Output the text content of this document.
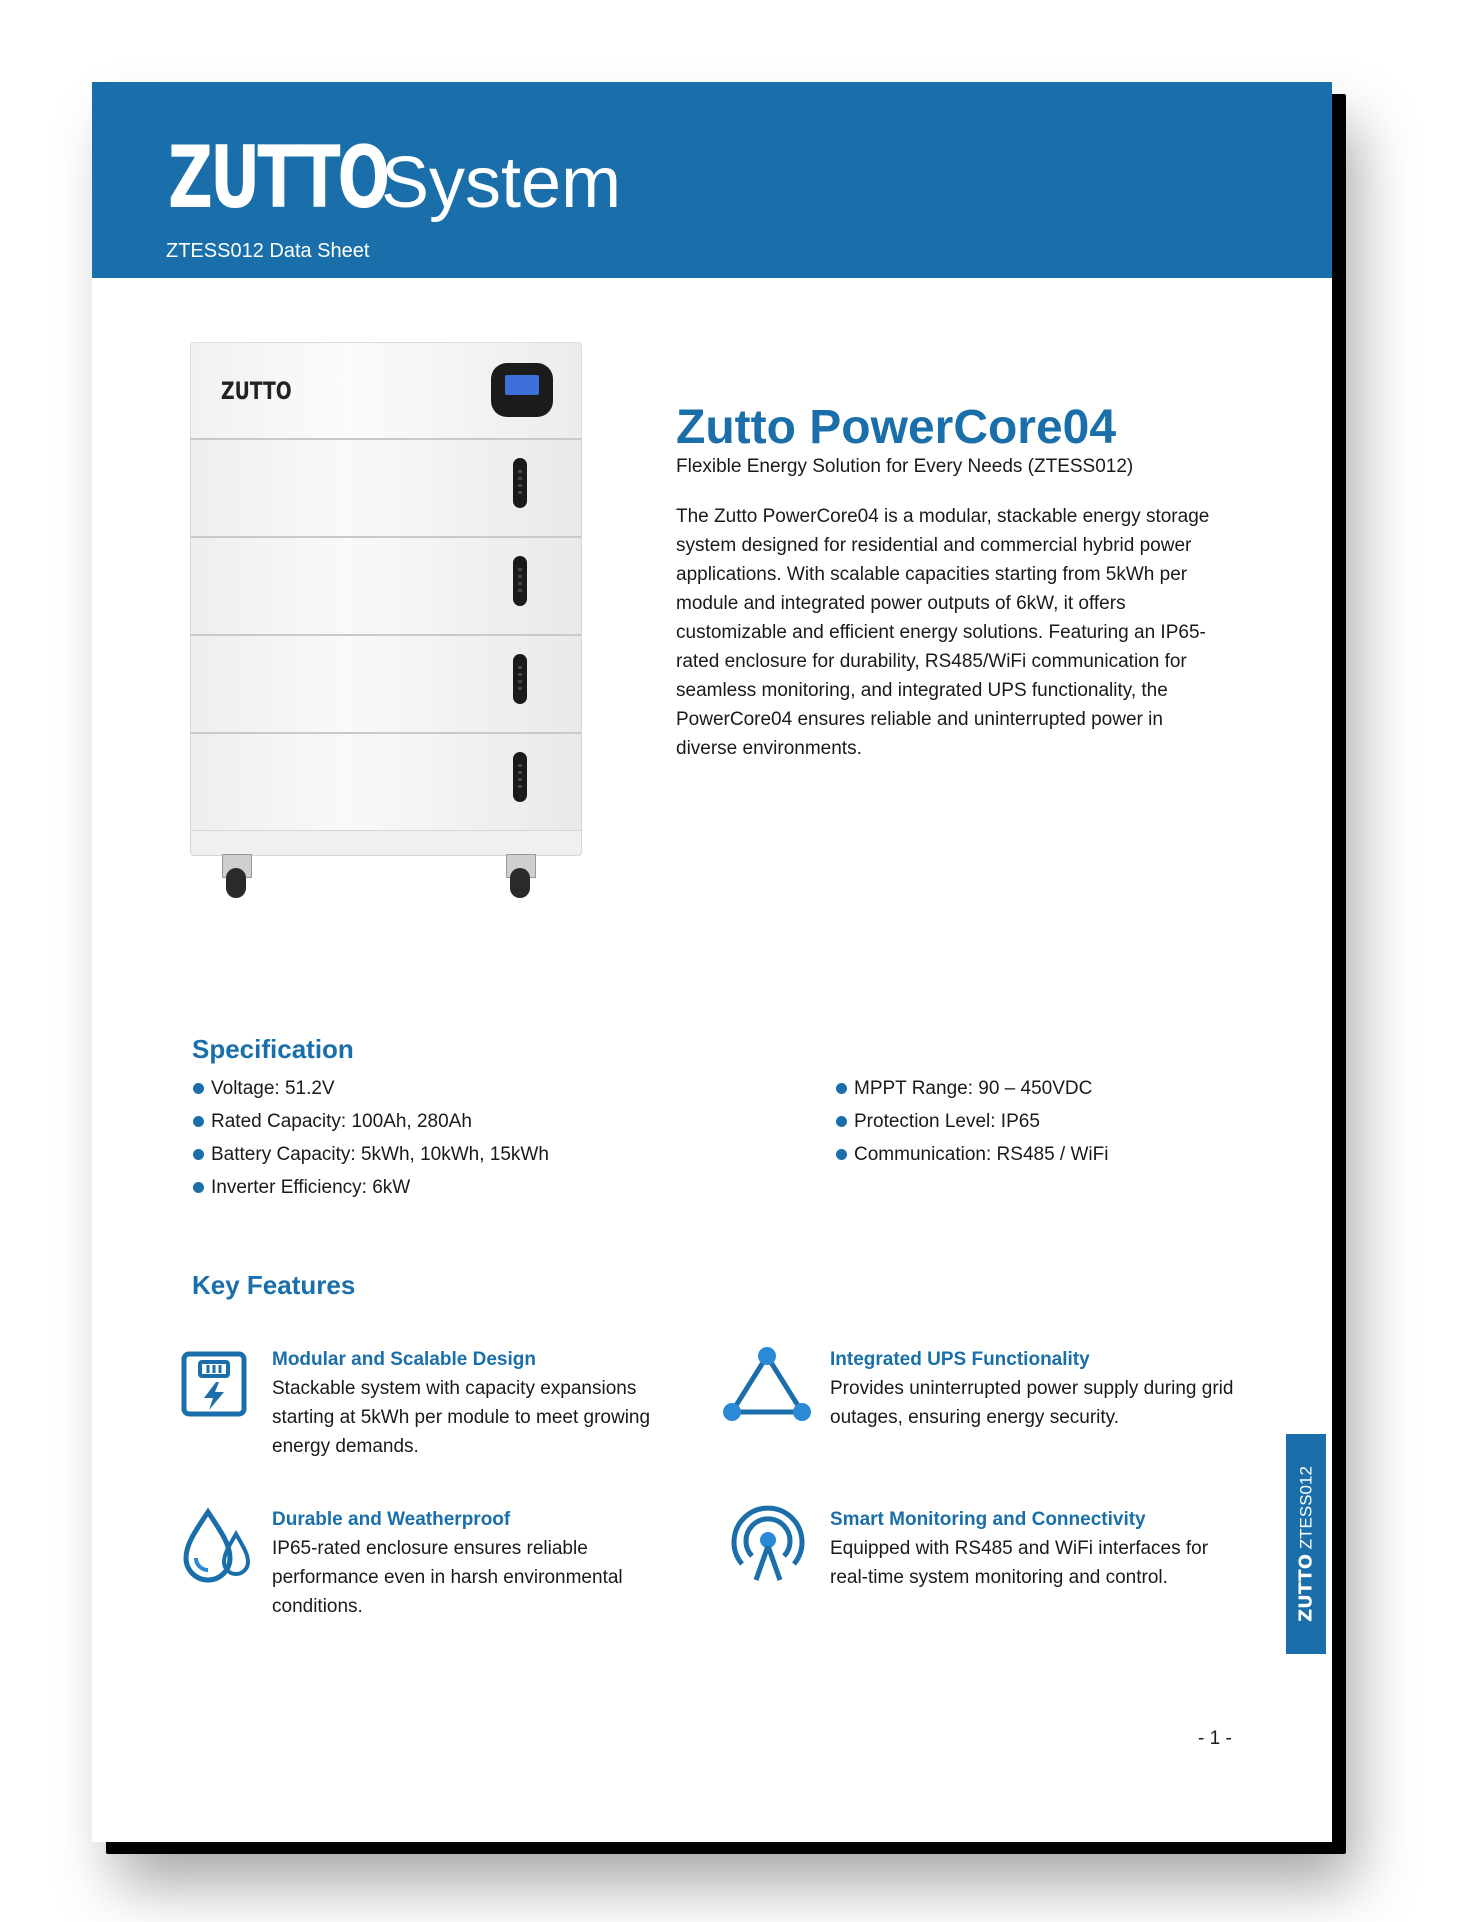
ZUTTO
System
ZTESS012 Data Sheet
ZUTTO
Zutto PowerCore04
Flexible Energy Solution for Every Needs (ZTESS012)
The Zutto PowerCore04 is a modular, stackable energy storage system designed for residential and commercial hybrid power applications. With scalable capacities starting from 5kWh per module and integrated power outputs of 6kW, it offers customizable and efficient energy solutions. Featuring an IP65-rated enclosure for durability, RS485/WiFi communication for seamless monitoring, and integrated UPS functionality, the PowerCore04 ensures reliable and uninterrupted power in diverse environments.
Specification
Voltage: 51.2V
Rated Capacity: 100Ah, 280Ah
Battery Capacity: 5kWh, 10kWh, 15kWh
Inverter Efficiency: 6kW
MPPT Range: 90 – 450VDC
Protection Level: IP65
Communication: RS485 / WiFi
Key Features
Modular and Scalable Design
Stackable system with capacity expansions starting at 5kWh per module to meet growing energy demands.
Integrated UPS Functionality
Provides uninterrupted power supply during grid outages, ensuring energy security.
Durable and Weatherproof
IP65-rated enclosure ensures reliable performance even in harsh environmental conditions.
Smart Monitoring and Connectivity
Equipped with RS485 and WiFi interfaces for real-time system monitoring and control.	ZUTTO ZTESS012
- 1 -
